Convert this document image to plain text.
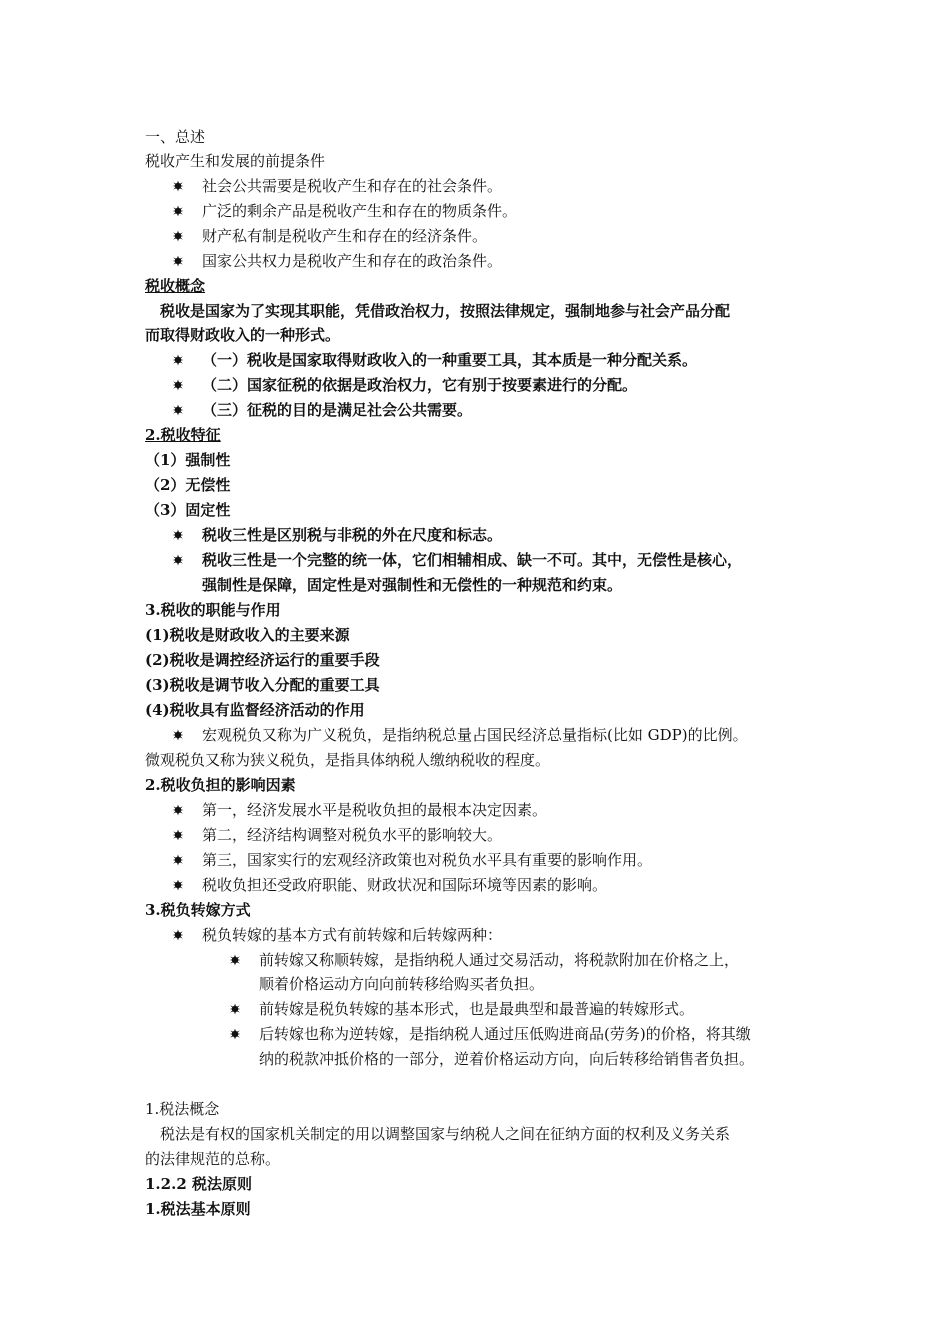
一、总述
税收产生和发展的前提条件
社会公共需要是税收产生和存在的社会条件。
广泛的剩余产品是税收产生和存在的物质条件。
财产私有制是税收产生和存在的经济条件。
国家公共权力是税收产生和存在的政治条件。
税收概念
税收是国家为了实现其职能，凭借政治权力，按照法律规定，强制地参与社会产品分配
而取得财政收入的一种形式。
（一）税收是国家取得财政收入的一种重要工具，其本质是一种分配关系。
（二）国家征税的依据是政治权力，它有别于按要素进行的分配。
（三）征税的目的是满足社会公共需要。
2.税收特征
（1）强制性
（2）无偿性
（3）固定性
税收三性是区别税与非税的外在尺度和标志。
税收三性是一个完整的统一体，它们相辅相成、缺一不可。其中，无偿性是核心，
强制性是保障，固定性是对强制性和无偿性的一种规范和约束。
3.税收的职能与作用
(1)税收是财政收入的主要来源
(2)税收是调控经济运行的重要手段
(3)税收是调节收入分配的重要工具
(4)税收具有监督经济活动的作用
宏观税负又称为广义税负，是指纳税总量占国民经济总量指标(比如 GDP)的比例。
微观税负又称为狭义税负，是指具体纳税人缴纳税收的程度。
2.税收负担的影响因素
第一，经济发展水平是税收负担的最根本决定因素。
第二，经济结构调整对税负水平的影响较大。
第三，国家实行的宏观经济政策也对税负水平具有重要的影响作用。
税收负担还受政府职能、财政状况和国际环境等因素的影响。
3.税负转嫁方式
税负转嫁的基本方式有前转嫁和后转嫁两种：
前转嫁又称顺转嫁，是指纳税人通过交易活动，将税款附加在价格之上，
顺着价格运动方向向前转移给购买者负担。
前转嫁是税负转嫁的基本形式，也是最典型和最普遍的转嫁形式。
后转嫁也称为逆转嫁，是指纳税人通过压低购进商品(劳务)的价格，将其缴
纳的税款冲抵价格的一部分，逆着价格运动方向，向后转移给销售者负担。
1.税法概念
税法是有权的国家机关制定的用以调整国家与纳税人之间在征纳方面的权利及义务关系
的法律规范的总称。
1.2.2 税法原则
1.税法基本原则
